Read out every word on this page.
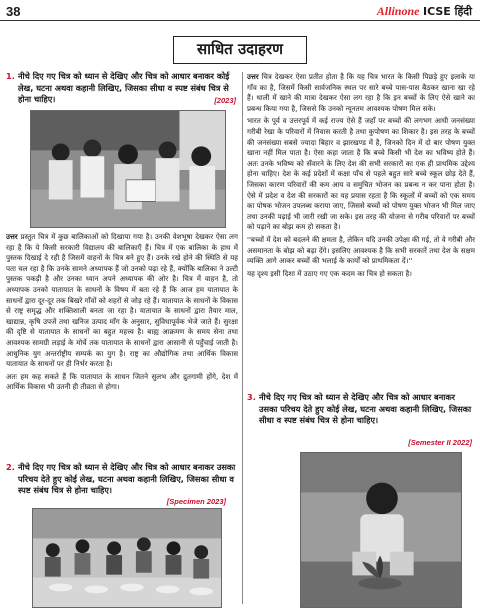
38	Allinone ICSE हिंदी
साधित उदाहरण
1. नीचे दिए गए चित्र को ध्यान से देखिए और चित्र को आधार बनाकर कोई लेख, घटना अथवा कहानी लिखिए, जिसका सीधा व स्पष्ट संबंध चित्र से होना चाहिए।	[2023]

उत्तर प्रस्तुत चित्र में कुछ बालिकाओं को दिखाया गया है। उनकी वेशभूषा देखकर ऐसा लग रहा है कि ये किसी सरकारी विद्यालय की बालिकाएँ हैं। चित्र में एक बालिका के हाथ में पुस्तक दिखाई दे रही है जिसमें वाहनों के चित्र बने हुए हैं। उनके रखे होने की स्थिति से यह पता चल रहा है कि उनके सामने अध्यापक हैं जो उनको पढ़ा रहे हैं, क्योंकि बालिका ने उल्टी पुस्तक पकड़ी है और उनका ध्यान अपने अध्यापक की ओर है। चित्र में वाहन है, तो अध्यापक उनको यातायात के साधनों के विषय में बता रहे हैं कि आज हम यातायात के साधनों द्वारा दूर-दूर तक बिखरे गाँवों को शहरों से जोड़ रहे हैं। यातायात के साधनों के विकास से राष्ट्र समृद्ध और शक्तिशाली बनता जा रहा है। यातायात के साधनों द्वारा तैयार माल, खाद्यान्न, कृषि उपजें तथा खनिज उत्पाद माँग के अनुसार, सुविधापूर्वक भेजे जाते हैं। सुरक्षा की दृष्टि से यातायात के साधनों का बहुत महत्त्व है। बाह्य आक्रमण के समय सेना तथा आवश्यक सामग्री लड़ाई के मोर्चे तक यातायात के साधनों द्वारा आसानी से पहुँचाई जाती है। आधुनिक युग अन्तर्राष्ट्रीय सम्पर्क का युग है। राष्ट्र का औद्योगिक तथा आर्थिक विकास यातायात के साधनों पर ही निर्भर करता है।

अतः हम कह सकते हैं कि यातायात के साधन जितने सुलभ और द्रुतगामी होंगे, देश में आर्थिक विकास भी उतनी ही तीव्रता से होगा।

2. नीचे दिए गए चित्र को ध्यान से देखिए और चित्र को आधार बनाकर उसका परिचय देते हुए कोई लेख, घटना अथवा कहानी लिखिए, जिसका सीधा व स्पष्ट संबंध चित्र से होना चाहिए।
[Specimen 2023]

उत्तर चित्र देखकर ऐसा प्रतीत होता है कि यह चित्र भारत के किसी पिछड़े हुए इलाके या गाँव का है, जिसमें किसी सार्वजनिक स्थल पर सारे बच्चे पास-पास बैठकर खाना खा रहे हैं। थाली में खाने की मात्रा देखकर ऐसा लग रहा है कि इन बच्चों के लिए ऐसे खाने का प्रबन्ध किया गया है, जिससे कि उनको न्यूनतम आवश्यक पोषण मिल सके।

भारत के पूर्व व उत्तरपूर्व में कई राज्य ऐसे हैं जहाँ पर बच्चों की लगभग आधी जनसंख्या गरीबी रेखा के परिवारों में निवास करती है तथा कुपोषण का शिकार है। इस तरह के बच्चों की जनसंख्या सबसे ज्यादा बिहार व झारखण्ड में है, जिनको दिन में दो बार पोषण युक्त खाना नहीं मिल पाता है। ऐसा कहा जाता है कि बच्चे किसी भी देश का भविष्य होते हैं। अतः उनके भविष्य को सँवारने के लिए देश की सभी सरकारों का एक ही प्राथमिक उद्देश्य होना चाहिए। देश के कई प्रदेशों में कक्षा पाँच से पहले बहुत सारे बच्चे स्कूल छोड़ देते हैं, जिसका कारण परिवारों की कम आय व समुचित भोजन का प्रबन्ध न कर पाना होता है। ऐसे में प्रदेश व देश की सरकारों का यह प्रयास रहता है कि स्कूलों में बच्चों को एक समय का पोषक भोजन उपलब्ध कराया जाए, जिससे बच्चों को पोषण युक्त भोजन भी मिल जाए तथा उनकी पढ़ाई भी जारी रखी जा सके। इस तरह की योजना से गरीब परिवारों पर बच्चों को पढ़ाने का बोझ कम हो सकता है।

''बच्चों में देश को बदलने की क्षमता है, लेकिन यदि उनकी उपेक्षा की गई, तो वे गरीबी और असमानता के बोझ को बढ़ा देंगे। इसलिए आवश्यक है कि सभी सरकारें तथा देश के सक्षम व्यक्ति आगे आकर बच्चों की भलाई के कार्यों को प्राथमिकता दें।''

यह दृश्य इसी दिशा में उठाए गए एक कदम का चित्र हो सकता है।

3. नीचे दिए गए चित्र को ध्यान से देखिए और चित्र को आधार बनाकर उसका परिचय देते हुए कोई लेख, घटना अथवा कहानी लिखिए, जिसका सीधा व स्पष्ट संबंध चित्र से होना चाहिए।
[Semester II 2022]
